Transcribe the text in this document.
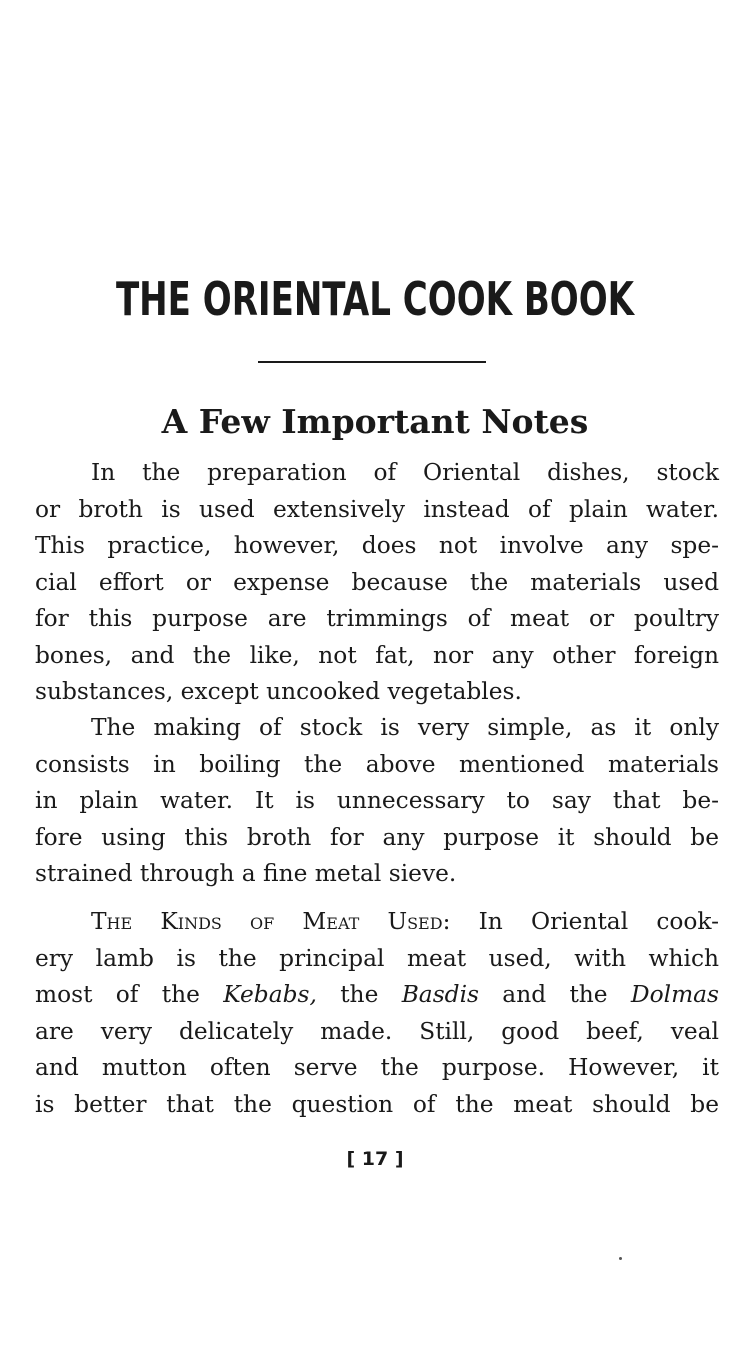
THE ORIENTAL COOK BOOK
A Few Important Notes
In the preparation of Oriental dishes, stock
or broth is used extensively instead of plain water.
This practice, however, does not involve any spe-
cial effort or expense because the materials used
for this purpose are trimmings of meat or poultry
bones, and the like, not fat, nor any other foreign
substances, except uncooked vegetables.
The making of stock is very simple, as it only
consists in boiling the above mentioned materials
in plain water. It is unnecessary to say that be-
fore using this broth for any purpose it should be
strained through a fine metal sieve.
The Kinds of Meat Used: In Oriental cook-
ery lamb is the principal meat used, with which
most of the Kebabs, the Basdis and the Dolmas
are very delicately made. Still, good beef, veal
and mutton often serve the purpose. However, it
is better that the question of the meat should be
[ 17 ]
